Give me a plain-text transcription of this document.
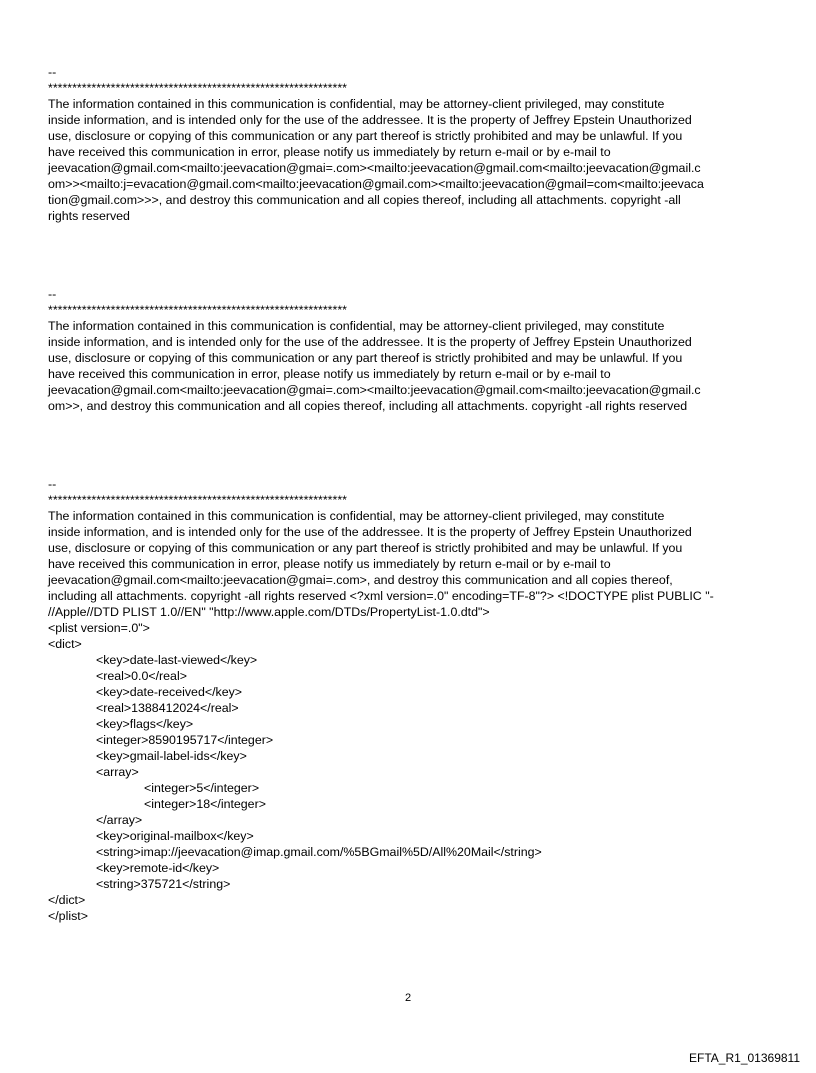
--
**************************************************************
The information contained in this communication is confidential, may be attorney-client privileged, may constitute
inside information, and is intended only for the use of the addressee. It is the property of Jeffrey Epstein Unauthorized
use, disclosure or copying of this communication or any part thereof is strictly prohibited and may be unlawful. If you
have received this communication in error, please notify us immediately by return e-mail or by e-mail to
jeevacation@gmail.com<mailto:jeevacation@gmai=.com><mailto:jeevacation@gmail.com<mailto:jeevacation@gmail.c
om>><mailto:j=evacation@gmail.com<mailto:jeevacation@gmail.com><mailto:jeevacation@gmail=com<mailto:jeevaca
tion@gmail.com>>>, and destroy this communication and all copies thereof, including all attachments. copyright -all
rights reserved
--
**************************************************************
The information contained in this communication is confidential, may be attorney-client privileged, may constitute
inside information, and is intended only for the use of the addressee. It is the property of Jeffrey Epstein Unauthorized
use, disclosure or copying of this communication or any part thereof is strictly prohibited and may be unlawful. If you
have received this communication in error, please notify us immediately by return e-mail or by e-mail to
jeevacation@gmail.com<mailto:jeevacation@gmai=.com><mailto:jeevacation@gmail.com<mailto:jeevacation@gmail.c
om>>, and destroy this communication and all copies thereof, including all attachments. copyright -all rights reserved
--
**************************************************************
The information contained in this communication is confidential, may be attorney-client privileged, may constitute
inside information, and is intended only for the use of the addressee. It is the property of Jeffrey Epstein Unauthorized
use, disclosure or copying of this communication or any part thereof is strictly prohibited and may be unlawful. If you
have received this communication in error, please notify us immediately by return e-mail or by e-mail to
jeevacation@gmail.com<mailto:jeevacation@gmai=.com>, and destroy this communication and all copies thereof,
including all attachments. copyright -all rights reserved <?xml version=.0" encoding=TF-8"?> <!DOCTYPE plist PUBLIC "-
//Apple//DTD PLIST 1.0//EN" "http://www.apple.com/DTDs/PropertyList-1.0.dtd">
<plist version=.0">
<dict>
<key>date-last-viewed</key>
<real>0.0</real>
<key>date-received</key>
<real>1388412024</real>
<key>flags</key>
<integer>8590195717</integer>
<key>gmail-label-ids</key>
<array>
<integer>5</integer>
<integer>18</integer>
</array>
<key>original-mailbox</key>
<string>imap://jeevacation@imap.gmail.com/%5BGmail%5D/All%20Mail</string>
<key>remote-id</key>
<string>375721</string>
</dict>
</plist>
2
EFTA_R1_01369811
